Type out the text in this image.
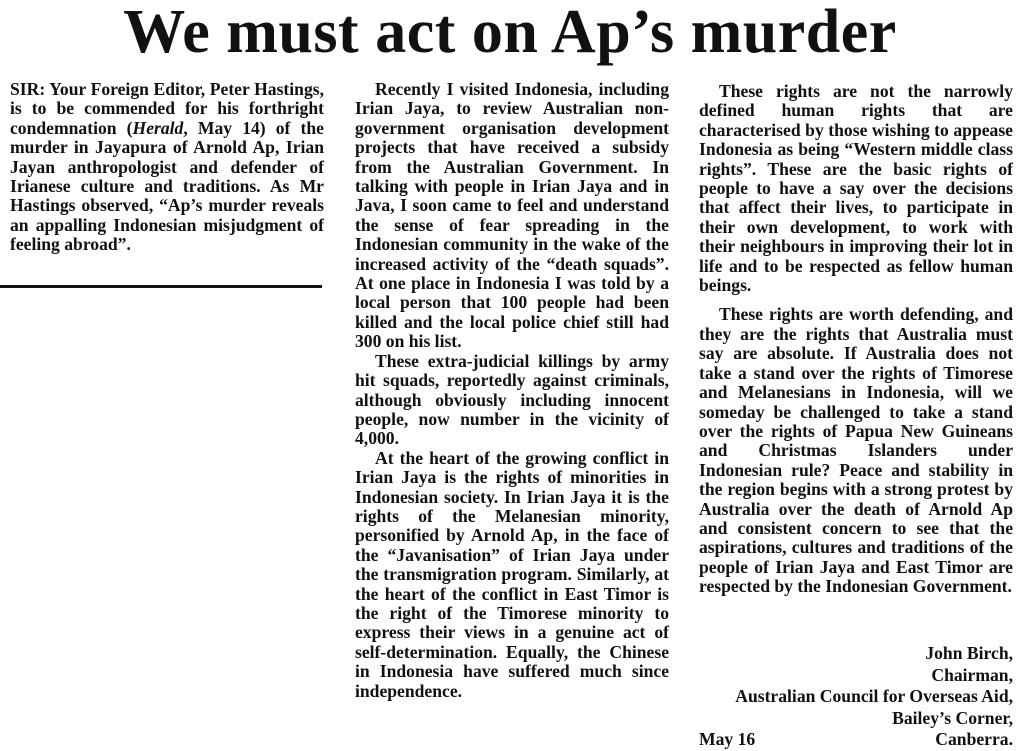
We must act on Ap’s murder

SIR: Your Foreign Editor, Peter Hastings, is to be commended for his forthright condemnation (Herald, May 14) of the murder in Jayapura of Arnold Ap, Irian Jayan anthropologist and defender of Irianese culture and traditions. As Mr Hastings observed, “Ap’s murder reveals an appalling Indonesian misjudgment of feeling abroad”.

Recently I visited Indonesia, including Irian Jaya, to review Australian non-government organisation development projects that have received a subsidy from the Australian Government. In talking with people in Irian Jaya and in Java, I soon came to feel and understand the sense of fear spreading in the Indonesian community in the wake of the increased activity of the “death squads”. At one place in Indonesia I was told by a local person that 100 people had been killed and the local police chief still had 300 on his list.

These extra-judicial killings by army hit squads, reportedly against criminals, although obviously including innocent people, now number in the vicinity of 4,000.

At the heart of the growing conflict in Irian Jaya is the rights of minorities in Indonesian society. In Irian Jaya it is the rights of the Melanesian minority, personified by Arnold Ap, in the face of the “Javanisation” of Irian Jaya under the transmigration program. Similarly, at the heart of the conflict in East Timor is the right of the Timorese minority to express their views in a genuine act of self-determination. Equally, the Chinese in Indonesia have suffered much since independence.

These rights are not the narrowly defined human rights that are characterised by those wishing to appease Indonesia as being “Western middle class rights”. These are the basic rights of people to have a say over the decisions that affect their lives, to participate in their own development, to work with their neighbours in improving their lot in life and to be respected as fellow human beings.

These rights are worth defending, and they are the rights that Australia must say are absolute. If Australia does not take a stand over the rights of Timorese and Melanesians in Indonesia, will we someday be challenged to take a stand over the rights of Papua New Guineans and Christmas Islanders under Indonesian rule? Peace and stability in the region begins with a strong protest by Australia over the death of Arnold Ap and consistent concern to see that the aspirations, cultures and traditions of the people of Irian Jaya and East Timor are respected by the Indonesian Government.

John Birch,
Chairman,
Australian Council for Overseas Aid,
Bailey’s Corner,
May 16	Canberra.
